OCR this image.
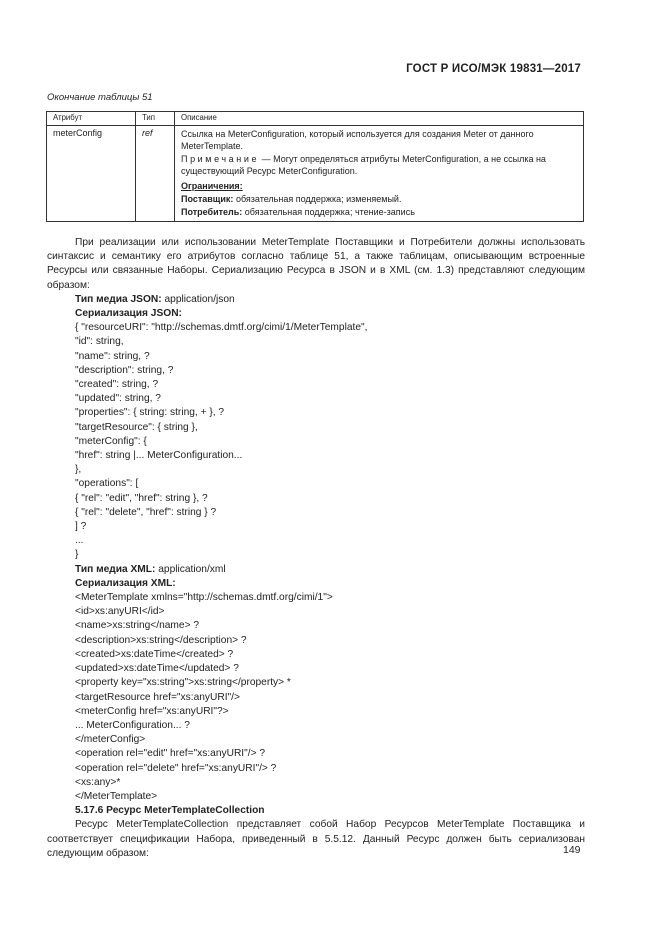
ГОСТ Р ИСО/МЭК 19831—2017
Окончание таблицы 51
Атрибут	Тип	Описание
meterConfig	ref	Ссылка на MeterConfiguration, который используется для создания Meter от данного MeterTemplate.

Примечание — Могут определяться атрибуты MeterConfiguration, а не ссылка на существующий Ресурс MeterConfiguration.

Ограничения:

Поставщик: обязательная поддержка; изменяемый.

Потребитель: обязательная поддержка; чтение-запись

При реализации или использовании MeterTemplate Поставщики и Потребители должны использовать синтаксис и семантику его атрибутов согласно таблице 51, а также таблицам, описывающим встроенные Ресурсы или связанные Наборы. Сериализацию Ресурса в JSON и в XML (см. 1.3) представляют следующим образом:

Тип медиа JSON: application/json

Сериализация JSON:

{ "resourceURI": "http://schemas.dmtf.org/cimi/1/MeterTemplate",
"id": string,
"name": string, ?
"description": string, ?
"created": string, ?
"updated": string, ?
"properties": { string: string, + }, ?
"targetResource": { string },
"meterConfig": {
"href": string |... MeterConfiguration...
},
"operations": [
{ "rel": "edit", "href": string }, ?
{ "rel": "delete", "href": string } ?
] ?
...
}

Тип медиа XML: application/xml

Сериализация XML:

<MeterTemplate xmlns="http://schemas.dmtf.org/cimi/1">
<id>xs:anyURI</id>
<name>xs:string</name> ?
<description>xs:string</description> ?
<created>xs:dateTime</created> ?
<updated>xs:dateTime</updated> ?
<property key="xs:string">xs:string</property> *
<targetResource href="xs:anyURI"/>
<meterConfig href="xs:anyURI"?>
... MeterConfiguration... ?
</meterConfig>
<operation rel="edit" href="xs:anyURI"/> ?
<operation rel="delete" href="xs:anyURI"/> ?
<xs:any>*
</MeterTemplate>

5.17.6 Ресурс MeterTemplateCollection

Ресурс MeterTemplateCollection представляет собой Набор Ресурсов MeterTemplate Поставщика и соответствует спецификации Набора, приведенный в 5.5.12. Данный Ресурс должен быть сериализован следующим образом:	149
